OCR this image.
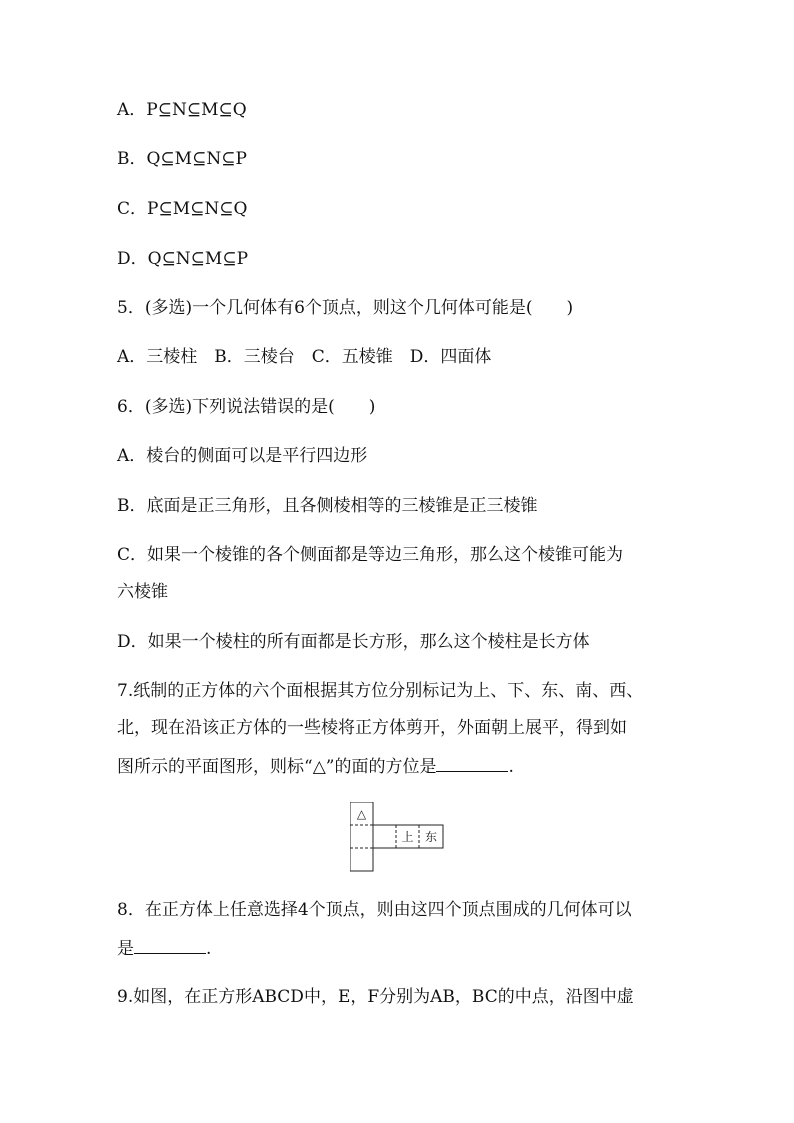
A．P⊆N⊆M⊆Q
B．Q⊆M⊆N⊆P
C．P⊆M⊆N⊆Q
D．Q⊆N⊆M⊆P
5．(多选)一个几何体有6个顶点，则这个几何体可能是(　　)
A．三棱柱　B．三棱台　C．五棱锥　D．四面体
6．(多选)下列说法错误的是(　　)
A．棱台的侧面可以是平行四边形
B．底面是正三角形，且各侧棱相等的三棱锥是正三棱锥
C．如果一个棱锥的各个侧面都是等边三角形，那么这个棱锥可能为
六棱锥
D．如果一个棱柱的所有面都是长方形，那么这个棱柱是长方体
7.纸制的正方体的六个面根据其方位分别标记为上、下、东、南、西、
北，现在沿该正方体的一些棱将正方体剪开，外面朝上展平，得到如
图所示的平面图形，则标“△”的面的方位是	.
△
上 东
8．在正方体上任意选择4个顶点，则由这四个顶点围成的几何体可以
是	.
9.如图，在正方形ABCD中，E，F分别为AB，BC的中点，沿图中虚
